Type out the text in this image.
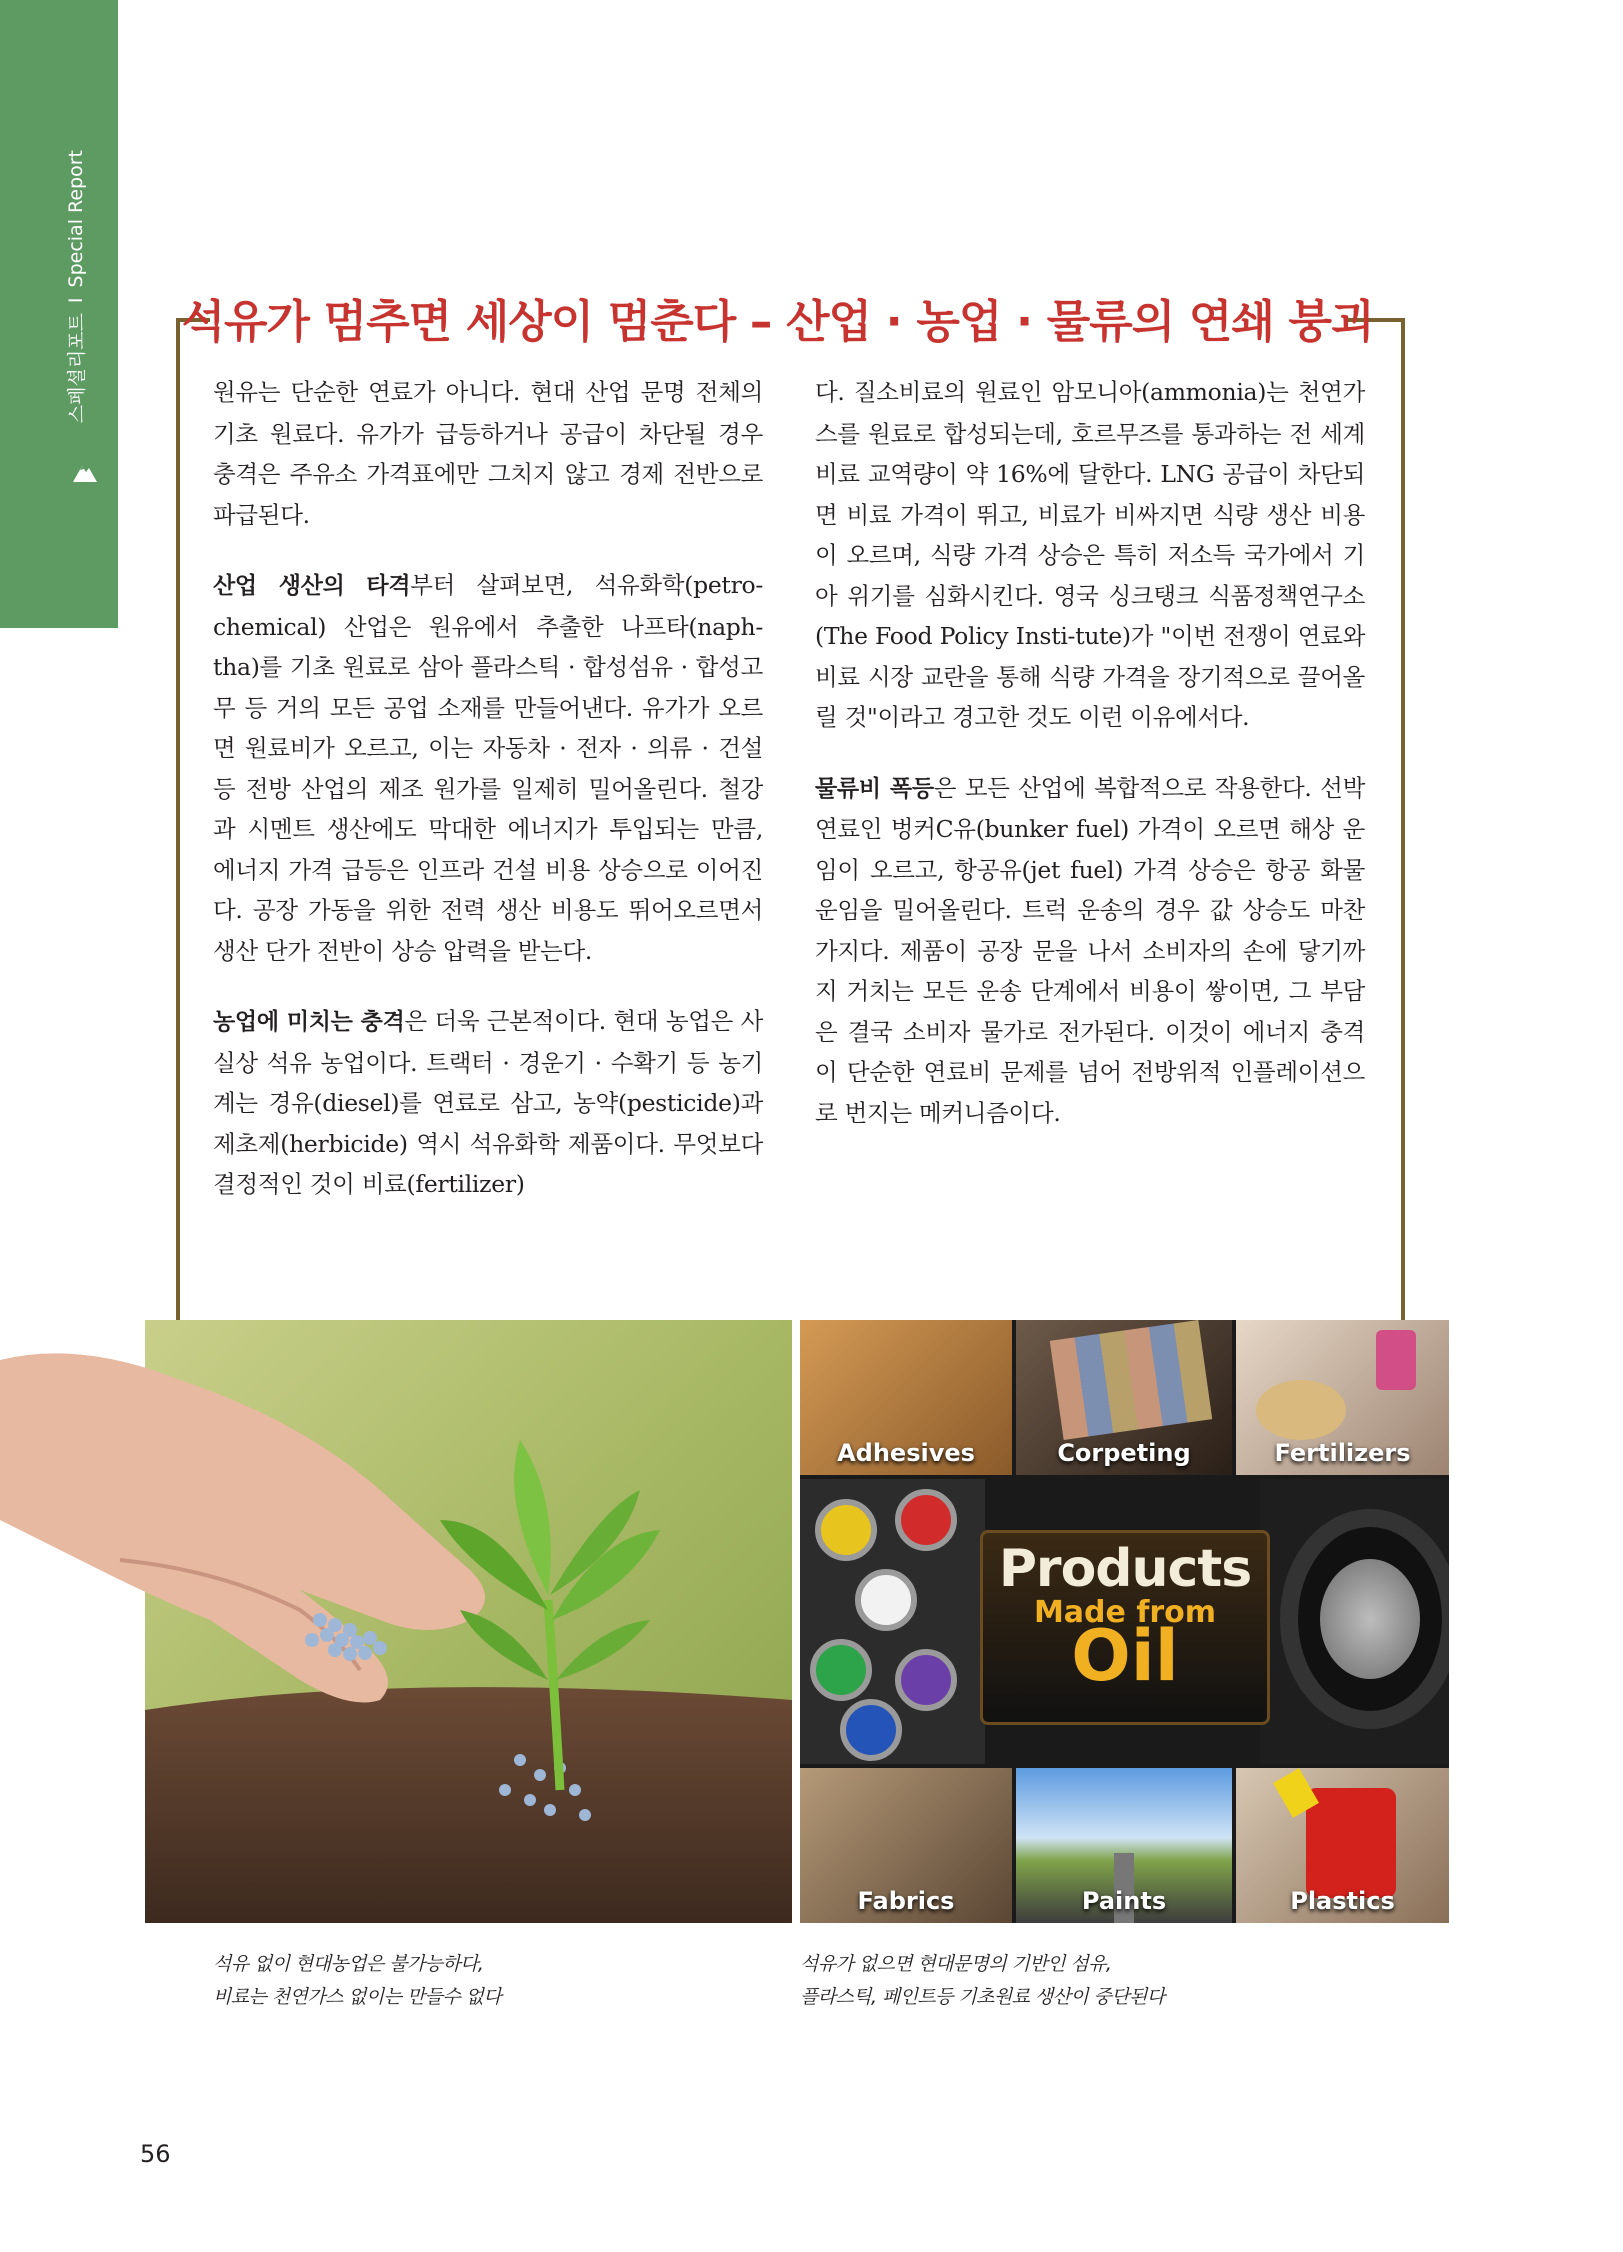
스페셜리포트
I
Special Report
석유가 멈추면 세상이 멈춘다 – 산업 · 농업 · 물류의 연쇄 붕괴

원유는 단순한 연료가 아니다. 현대 산업 문명 전체의 기초 원료다. 유가가 급등하거나 공급이 차단될 경우 충격은 주유소 가격표에만 그치지 않고 경제 전반으로 파급된다.

산업 생산의 타격부터 살펴보면, 석유화학(petro-chemical) 산업은 원유에서 추출한 나프타(naph-tha)를 기초 원료로 삼아 플라스틱 · 합성섬유 · 합성고무 등 거의 모든 공업 소재를 만들어낸다. 유가가 오르면 원료비가 오르고, 이는 자동차 · 전자 · 의류 · 건설 등 전방 산업의 제조 원가를 일제히 밀어올린다. 철강과 시멘트 생산에도 막대한 에너지가 투입되는 만큼, 에너지 가격 급등은 인프라 건설 비용 상승으로 이어진다. 공장 가동을 위한 전력 생산 비용도 뛰어오르면서 생산 단가 전반이 상승 압력을 받는다.

농업에 미치는 충격은 더욱 근본적이다. 현대 농업은 사실상 석유 농업이다. 트랙터 · 경운기 · 수확기 등 농기계는 경유(diesel)를 연료로 삼고, 농약(pesticide)과 제초제(herbicide) 역시 석유화학 제품이다. 무엇보다 결정적인 것이 비료(fertilizer)

다. 질소비료의 원료인 암모니아(ammonia)는 천연가스를 원료로 합성되는데, 호르무즈를 통과하는 전 세계 비료 교역량이 약 16%에 달한다. LNG 공급이 차단되면 비료 가격이 뛰고, 비료가 비싸지면 식량 생산 비용이 오르며, 식량 가격 상승은 특히 저소득 국가에서 기아 위기를 심화시킨다. 영국 싱크탱크 식품정책연구소(The Food Policy Insti-tute)가 "이번 전쟁이 연료와 비료 시장 교란을 통해 식량 가격을 장기적으로 끌어올릴 것"이라고 경고한 것도 이런 이유에서다.

물류비 폭등은 모든 산업에 복합적으로 작용한다. 선박 연료인 벙커C유(bunker fuel) 가격이 오르면 해상 운임이 오르고, 항공유(jet fuel) 가격 상승은 항공 화물 운임을 밀어올린다. 트럭 운송의 경우 값 상승도 마찬가지다. 제품이 공장 문을 나서 소비자의 손에 닿기까지 거치는 모든 운송 단계에서 비용이 쌓이면, 그 부담은 결국 소비자 물가로 전가된다. 이것이 에너지 충격이 단순한 연료비 문제를 넘어 전방위적 인플레이션으로 번지는 메커니즘이다.

Adhesives	Corpeting	Fertilizers
Products
Made from
Oil
Fabrics	Paints	Plastics
석유 없이 현대농업은 불가능하다,
비료는 천연가스 없이는 만들수 없다
석유가 없으면 현대문명의 기반인 섬유,
플라스틱, 페인트등 기초원료 생산이 중단된다
56
